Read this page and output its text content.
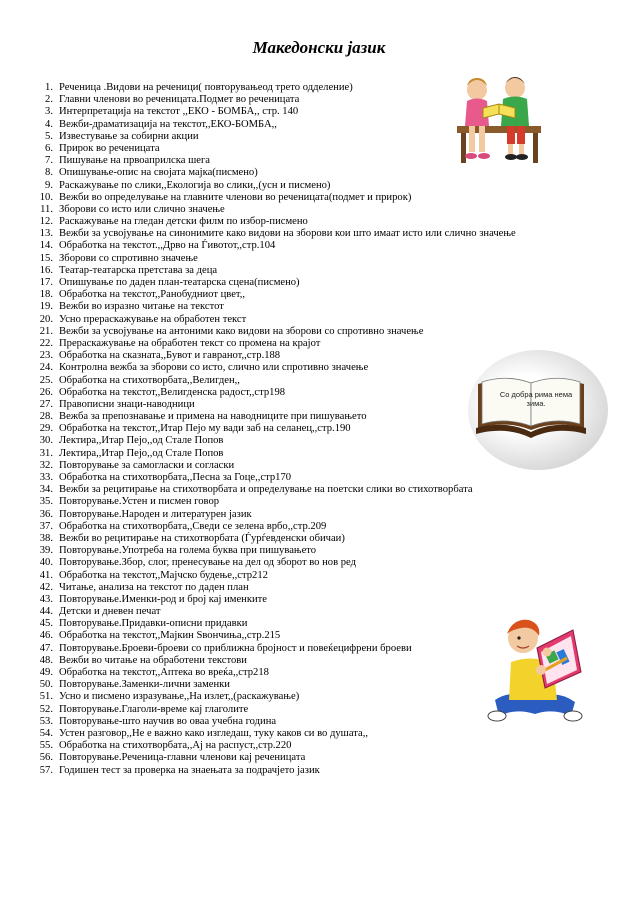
Македонски јазик
1. Реченица .Видови на реченици( повторувањеод трето одделение)
2. Главни членови во реченицата.Подмет во реченицата
3. Интерпретација на текстот ,,ЕКО - БОМБА,, стр. 140
4. Вежби-драматизација на текстот,,ЕКО-БОМБА,,
5. Известување за собирни акции
6. Прирок во реченицата
7. Пишување на првоаприлска шега
8. Опишување-опис на својата мајка(писмено)
9. Раскажување по слики,,Екологија во слики,,(усн и писмено)
10. Вежби во определување на главните членови во реченицата(подмет и прирок)
11. Зборови со исто или слично значење
12. Раскажување на гледан детски филм по избор-писмено
13. Вежби за усвојување на синонимите како видови на зборови кои што имаат исто или слично значење
14. Обработка на текстот.,,Дрво на Ѓивотот,,стр.104
15. Зборови со спротивно значење
16. Театар-театарска претстава за деца
17. Опишување по даден план-театарска сцена(писмено)
18. Обработка на текстот,,Ранобудниот цвет,,
19. Вежби во изразно читање на текстот
20. Усно прераскажување на обработен текст
21. Вежби за усвојување на антоними како видови на зборови со спротивно значење
22. Прераскажување на обработен текст со промена на крајот
23. Обработка на сказната,,Бувот и гавранот,,стр.188
24. Контролна вежба за зборови со исто, слично или спротивно значење
25. Обработка на стихотворбата,,Велигден,,
26. Обработка на текстот,,Велигденска радост,,стр198
27. Правописни знаци-наводници
28. Вежба за препознавање и примена на наводниците при пишувањето
29. Обработка на текстот,,Итар Пејо му вади заб на селанец,,стр.190
30. Лектира,,Итар Пејо,,од Стале Попов
31. Лектира,,Итар Пејо,,од Стале Попов
32. Повторување за самогласки и согласки
33. Обработка на стихотворбата,,Песна за Гоце,,стр170
34. Вежби за рецитирање на стихотворбата и определување на поетски слики во стихотворбата
35. Повторување.Устен и писмен говор
36. Повторување.Народен и литературен јазик
37. Обработка на стихотворбата,,Сведи се зелена врбо,,стр.209
38. Вежби во рецитирање на стихотворбата (Ѓурѓевденски обичаи)
39. Повторување.Употреба на голема буква при пишувањето
40. Повторување.Збор, слог, пренесување на дел од зборот во нов ред
41. Обработка на текстот,,Мајчско будење,,стр212
42. Читање, анализа на текстот по даден план
43. Повторување.Именки-род и број кај именките
44. Детски и дневен печат
45. Повторување.Придавки-описни придавки
46. Обработка на текстот,,Мајкин Ѕвончиња,,стр.215
47. Повторување.Броеви-броеви со приближна бројност и повеќецифрени броеви
48. Вежби во читање на обработени текстови
49. Обработка на текстот,,Аптека во вреќа,,стр218
50. Повторување.Заменки-лични заменки
51. Усно и писмено изразување,,На излет,,(раскажување)
52. Повторување.Глаголи-време кај глаголите
53. Повторување-што научив во оваа учебна година
54. Устен разговор,,Не е важно како изгледаш, туку каков си во душата,,
55. Обработка на стихотворбата,,Ај на распуст,,стр.220
56. Повторување.Реченица-главни членови кај реченицата
57. Годишен тест за проверка на знаењата за подрачјето јазик
Со добра рима нема зима.
